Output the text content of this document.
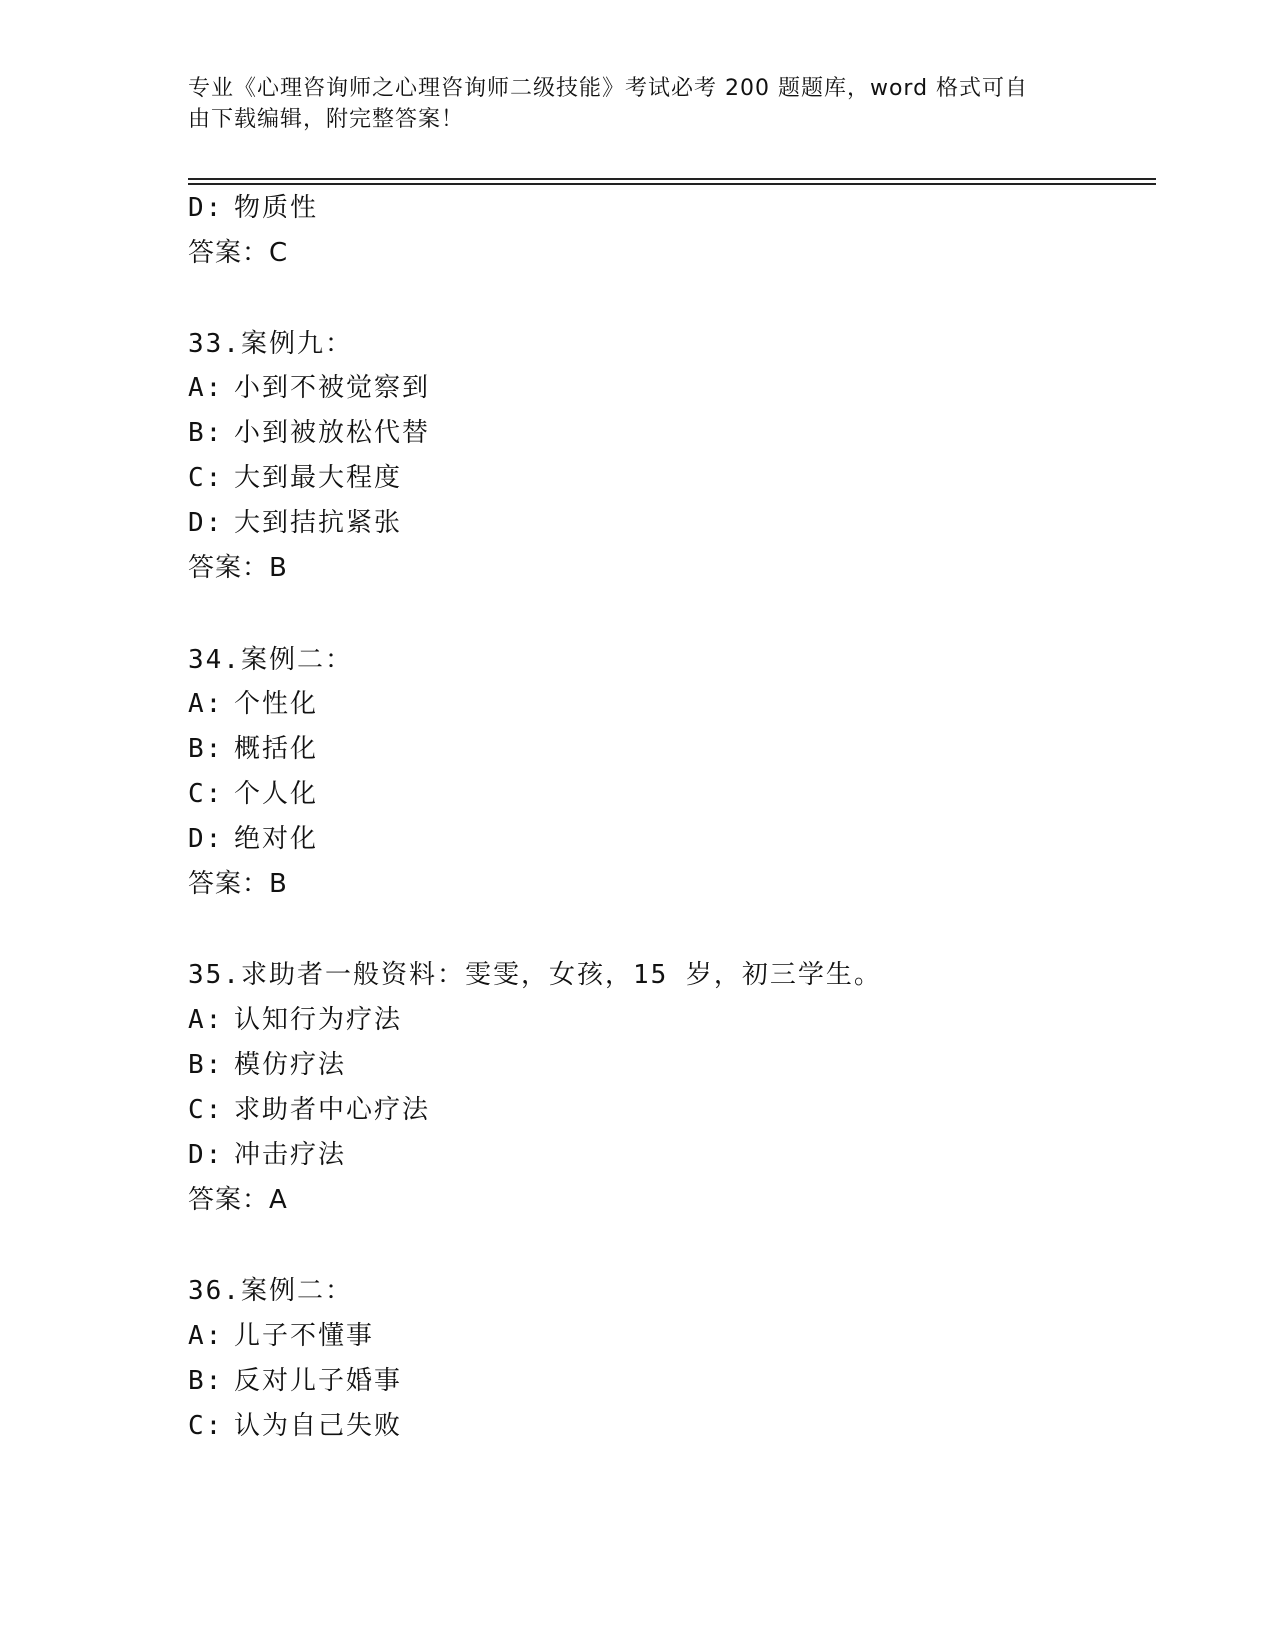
专业《心理咨询师之心理咨询师二级技能》考试必考 200 题题库，word 格式可自
由下载编辑，附完整答案！
D: 物质性
答案：C
33.案例九：
A: 小到不被觉察到
B: 小到被放松代替
C: 大到最大程度
D: 大到拮抗紧张
答案：B
34.案例二：
A: 个性化
B: 概括化
C: 个人化
D: 绝对化
答案：B
35.求助者一般资料：雯雯，女孩，15 岁，初三学生。
A: 认知行为疗法
B: 模仿疗法
C: 求助者中心疗法
D: 冲击疗法
答案：A
36.案例二：
A: 儿子不懂事
B: 反对儿子婚事
C: 认为自己失败
